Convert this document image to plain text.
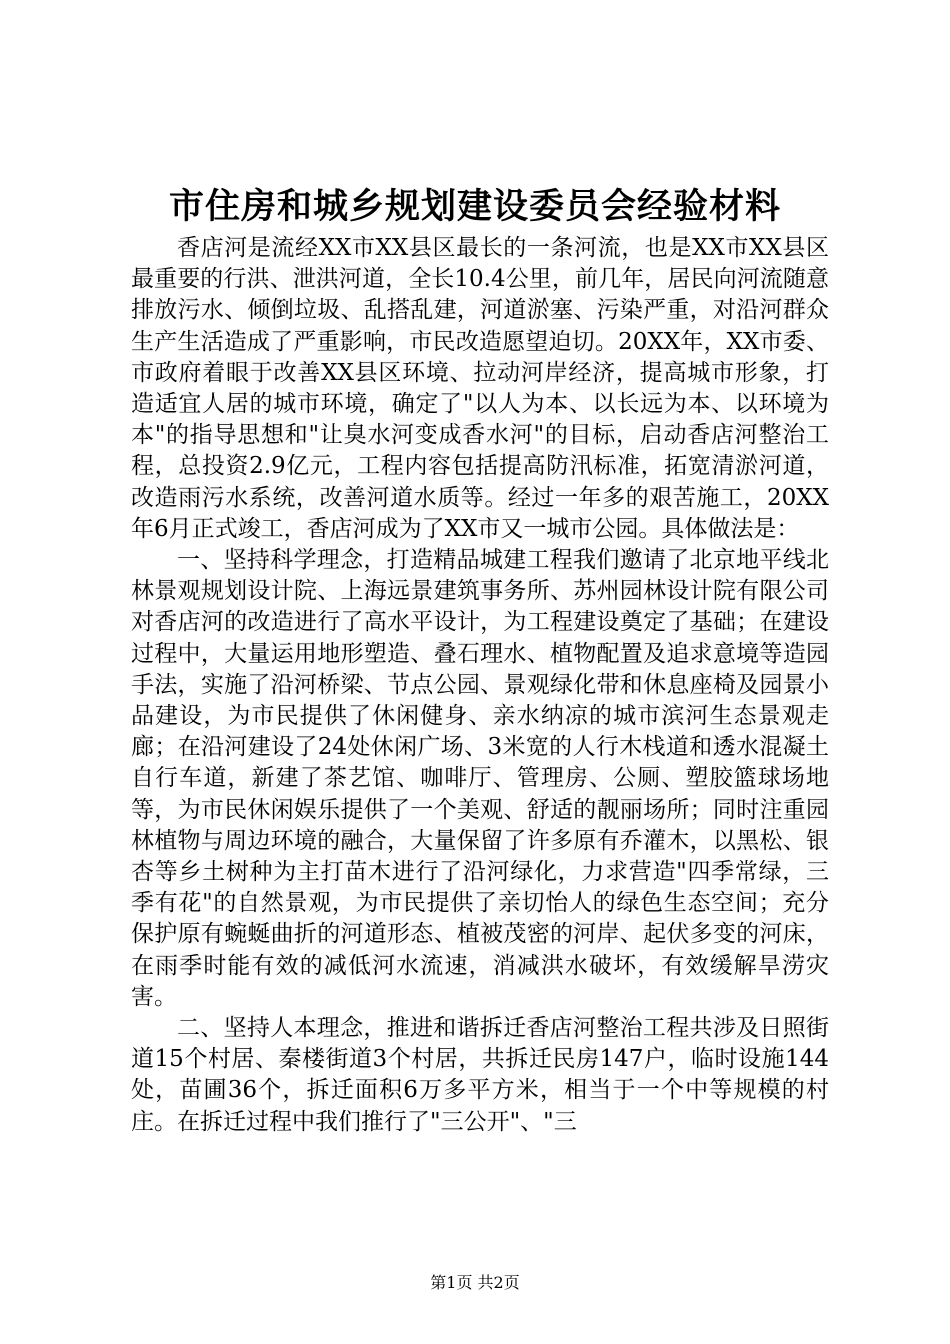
市住房和城乡规划建设委员会经验材料

香店河是流经XX市XX县区最长的一条河流，也是XX市XX县区最重要的行洪、泄洪河道，全长10.4公里，前几年，居民向河流随意排放污水、倾倒垃圾、乱搭乱建，河道淤塞、污染严重，对沿河群众生产生活造成了严重影响，市民改造愿望迫切。20XX年，XX市委、市政府着眼于改善XX县区环境、拉动河岸经济，提高城市形象，打造适宜人居的城市环境，确定了"以人为本、以长远为本、以环境为本"的指导思想和"让臭水河变成香水河"的目标，启动香店河整治工程，总投资2.9亿元，工程内容包括提高防汛标准，拓宽清淤河道，改造雨污水系统，改善河道水质等。经过一年多的艰苦施工，20XX年6月正式竣工，香店河成为了XX市又一城市公园。具体做法是：

一、坚持科学理念，打造精品城建工程我们邀请了北京地平线北林景观规划设计院、上海远景建筑事务所、苏州园林设计院有限公司对香店河的改造进行了高水平设计，为工程建设奠定了基础；在建设过程中，大量运用地形塑造、叠石理水、植物配置及追求意境等造园手法，实施了沿河桥梁、节点公园、景观绿化带和休息座椅及园景小品建设，为市民提供了休闲健身、亲水纳凉的城市滨河生态景观走廊；在沿河建设了24处休闲广场、3米宽的人行木栈道和透水混凝土自行车道，新建了茶艺馆、咖啡厅、管理房、公厕、塑胶篮球场地等，为市民休闲娱乐提供了一个美观、舒适的靓丽场所；同时注重园林植物与周边环境的融合，大量保留了许多原有乔灌木，以黑松、银杏等乡土树种为主打苗木进行了沿河绿化，力求营造"四季常绿，三季有花"的自然景观，为市民提供了亲切怡人的绿色生态空间；充分保护原有蜿蜒曲折的河道形态、植被茂密的河岸、起伏多变的河床，在雨季时能有效的减低河水流速，消减洪水破坏，有效缓解旱涝灾害。

二、坚持人本理念，推进和谐拆迁香店河整治工程共涉及日照街道15个村居、秦楼街道3个村居，共拆迁民房147户，临时设施144处，苗圃36个，拆迁面积6万多平方米，相当于一个中等规模的村庄。在拆迁过程中我们推行了"三公开"、"三

第1页 共2页
